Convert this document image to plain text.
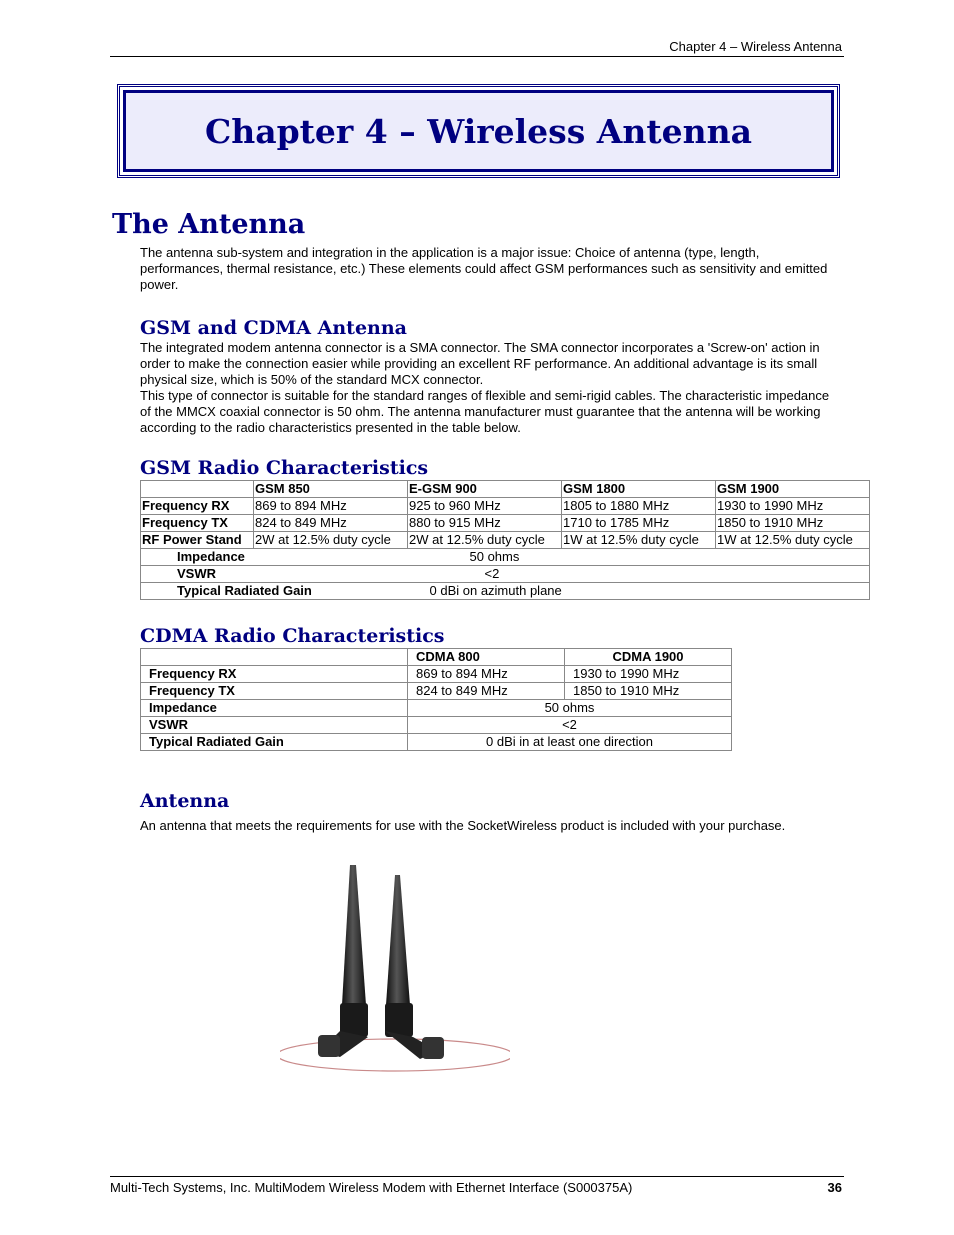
Chapter 4 – Wireless Antenna
Chapter 4 – Wireless Antenna
The Antenna
The antenna sub-system and integration in the application is a major issue: Choice of antenna (type, length, performances, thermal resistance, etc.) These elements could affect GSM performances such as sensitivity and emitted power.
GSM and CDMA Antenna
The integrated modem antenna connector is a SMA connector. The SMA connector incorporates a 'Screw-on' action in order to make the connection easier while providing an excellent RF performance. An additional advantage is its small physical size, which is 50% of the standard MCX connector.
This type of connector is suitable for the standard ranges of flexible and semi-rigid cables. The characteristic impedance of the MMCX coaxial connector is 50 ohm. The antenna manufacturer must guarantee that the antenna will be working according to the radio characteristics presented in the table below.
GSM Radio Characteristics
	GSM 850	E-GSM 900	GSM 1800	GSM 1900
Frequency RX	869 to 894 MHz	925 to 960 MHz	1805 to 1880 MHz	1930 to 1990 MHz
Frequency TX	824 to 849 MHz	880 to 915 MHz	1710 to 1785 MHz	1850 to 1910 MHz
RF Power Stand	2W at 12.5% duty cycle	2W at 12.5% duty cycle	1W at 12.5% duty cycle	1W at 12.5% duty cycle
Impedance		50 ohms		
VSWR		<2		
Typical Radiated Gain		0 dBi on azimuth plane		
CDMA Radio Characteristics
	CDMA 800	CDMA 1900
Frequency RX	869 to 894 MHz	1930 to 1990 MHz
Frequency TX	824 to 849 MHz	1850 to 1910 MHz
Impedance	50 ohms	
VSWR	<2	
Typical Radiated Gain	0 dBi in at least one direction	
Antenna
An antenna that meets the requirements for use with the SocketWireless product is included with your purchase.
Multi-Tech Systems, Inc. MultiModem Wireless Modem with Ethernet Interface (S000375A)	36
